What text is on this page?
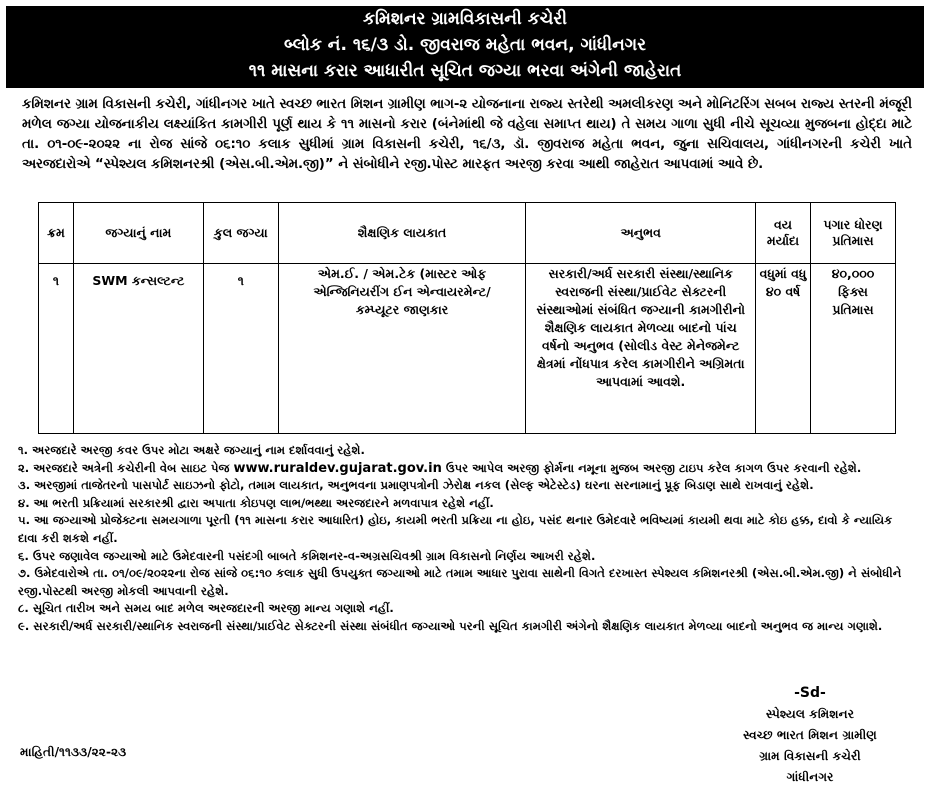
કમિશનર ગ્રામવિકાસની કચેરી
બ્લોક નં. ૧૬/૩ ડો. જીવરાજ મહેતા ભવન, ગાંધીનગર
૧૧ માસના કરાર આધારીત સૂચિત જગ્યા ભરવા અંગેની જાહેરાત
કમિશનર ગ્રામ વિકાસની કચેરી, ગાંધીનગર ખાતે સ્વચ્છ ભારત મિશન ગ્રામીણ ભાગ-૨ યોજનાના રાજ્ય સ્તરેથી અમલીકરણ અને મોનિટરિંગ સબબ રાજ્ય સ્તરની મંજૂરી મળેલ જગ્યા યોજનાકીય લક્ષ્યાંકિત કામગીરી પૂર્ણ થાય કે ૧૧ માસનો કરાર (બંનેમાંથી જે વહેલા સમાપ્ત થાય) તે સમય ગાળા સુધી નીચે સૂચવ્યા મુજબના હોદ્દા માટે તા. ૦૧-૦૯-૨૦૨૨ ના રોજ સાંજે ૦૬:૧૦ કલાક સુધીમાં ગ્રામ વિકાસની કચેરી, ૧૬/૩, ડૉ. જીવરાજ મહેતા ભવન, જુના સચિવાલય, ગાંધીનગરની કચેરી ખાતે અરજદારોએ “સ્પેશ્યલ કમિશનરશ્રી (એસ.બી.એમ.જી)” ને સંબોધીને રજી.પોસ્ટ મારફત અરજી કરવા આથી જાહેરાત આપવામાં આવે છે.
ક્રમ	જગ્યાનું નામ	કુલ જગ્યા	શૈક્ષણિક લાયકાત	અનુભવ	વય મર્યાદા	પગાર ધોરણ પ્રતિમાસ
૧	SWM કન્સલ્ટન્ટ	૧	એમ.ઈ. / એમ.ટેક (માસ્ટર ઓફ એન્જિનિયરીંગ ઈન એન્વાયરમેન્ટ/કમ્પ્યૂટર જાણકાર	સરકારી/અર્ધ સરકારી સંસ્થા/સ્થાનિક સ્વરાજની સંસ્થા/પ્રાઈવેટ સેક્ટરની સંસ્થાઓમાં સંબંધિત જગ્યાની કામગીરીનો શૈક્ષણિક લાયકાત મેળવ્યા બાદનો પાંચ વર્ષનો અનુભવ (સોલીડ વેસ્ટ મેનેજમેન્ટ ક્ષેત્રમાં નોંધપાત્ર કરેલ કામગીરીને અગ્રિમતા આપવામાં આવશે.	વધુમાં વધુ ૪૦ વર્ષ	૪૦,૦૦૦ ફિક્સ પ્રતિમાસ
૧. અરજદારે અરજી કવર ઉપર મોટા અક્ષરે જગ્યાનું નામ દર્શાવવાનું રહેશે.
૨. અરજદારે અત્રેની કચેરીની વેબ સાઇટ પેજ www.ruraldev.gujarat.gov.in ઉપર આપેલ અરજી ફોર્મના નમૂના મુજબ અરજી ટાઇપ કરેલ કાગળ ઉપર કરવાની રહેશે.
૩. અરજીમાં તાજેતરનો પાસપોર્ટ સાઇઝનો ફોટો, તમામ લાયકાત, અનુભવના પ્રમાણપત્રોની ઝેરોક્ષ નકલ (સેલ્ફ એટેસ્ટેડ) ઘરના સરનામાનું પ્રૂફ બિડાણ સાથે રાખવાનું રહેશે.
૪. આ ભરતી પ્રક્રિયામાં સરકારશ્રી દ્વારા અપાતા કોઇપણ લાભ/ભથ્થા અરજદારને મળવાપાત્ર રહેશે નહીં.
૫. આ જગ્યાઓ પ્રોજેક્ટના સમયગાળા પૂરતી (૧૧ માસના કરાર આધારિત) હોઇ, કાયમી ભરતી પ્રક્રિયા ના હોઇ, પસંદ થનાર ઉમેદવારે ભવિષ્યમાં કાયમી થવા માટે કોઇ હક્ક, દાવો કે ન્યાયિક દાવા કરી શકશે નહીં.
૬. ઉપર જણાવેલ જગ્યાઓ માટે ઉમેદવારની પસંદગી બાબતે કમિશનર-વ-અગ્રસચિવશ્રી ગ્રામ વિકાસનો નિર્ણય આખરી રહેશે.
૭. ઉમેદવારોએ તા. ૦૧/૦૯/૨૦૨૨ના રોજ સાંજે ૦૬:૧૦ કલાક સુધી ઉપયુક્ત જગ્યાઓ માટે તમામ આધાર પુરાવા સાથેની વિગતે દરખાસ્ત સ્પેશ્યલ કમિશનરશ્રી (એસ.બી.એમ.જી) ને સંબોધીને રજી.પોસ્ટથી અરજી મોકલી આપવાની રહેશે.
૮. સૂચિત તારીખ અને સમય બાદ મળેલ અરજદારની અરજી માન્ય ગણાશે નહીં.
૯. સરકારી/અર્ધ સરકારી/સ્થાનિક સ્વરાજની સંસ્થા/પ્રાઈવેટ સેક્ટરની સંસ્થા સંબંધીત જગ્યાઓ પરની સૂચિત કામગીરી અંગેનો શૈક્ષણિક લાયકાત મેળવ્યા બાદનો અનુભવ જ માન્ય ગણાશે.
-Sd-
સ્પેશ્યલ કમિશનર
સ્વચ્છ ભારત મિશન ગ્રામીણ
ગ્રામ વિકાસની કચેરી
ગાંધીનગર
માહિતી/૧૧૩૩/૨૨-૨૩
